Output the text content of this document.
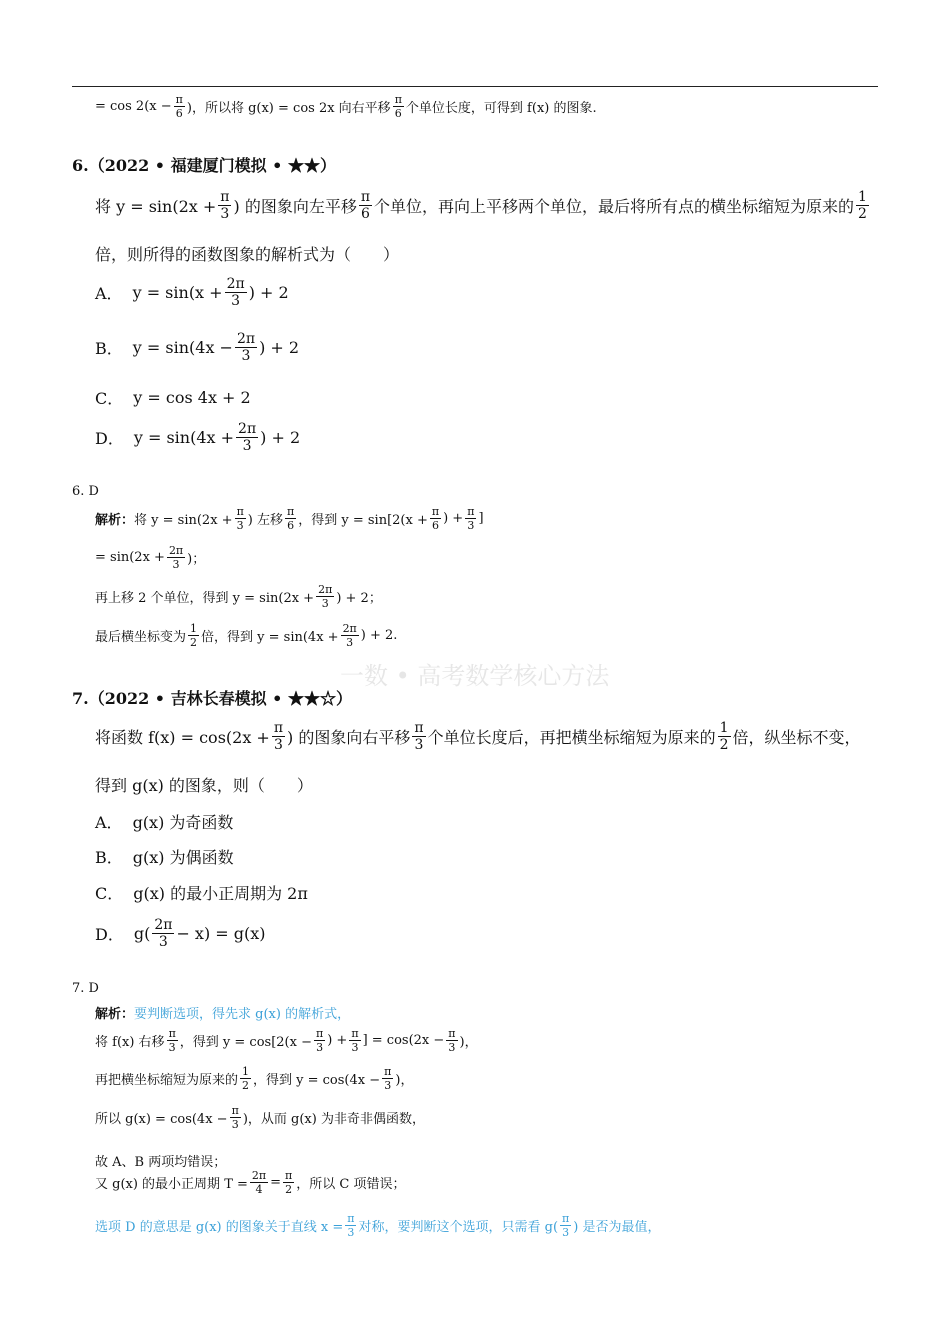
一数 • 高考数学核心方法
= $\cos 2(x - \frac{\pi}{6}$ )，所以将 g(x) = cos 2x 向右平移 $\frac{\pi}{6}$ 个单位长度，可得到 f(x) 的图象.
6.（2022 • 福建厦门模拟 • ★★）
将 $y = \sin(2x + \frac{\pi}{3}$ ) 的图象向左平移 $\frac{\pi}{6}$ 个单位，再向上平移两个单位，最后将所有点的横坐标缩短为原来的 $\frac{1}{2}$
倍，则所得的函数图象的解析式为（　　）
A． $y = \sin(x + \frac{2\pi}{3}$ ) + 2
B． $y = \sin(4x - \frac{2\pi}{3}$ ) + 2
C． y = cos 4x + 2
D． $y = \sin(4x + \frac{2\pi}{3}$ ) + 2
6. D
解析： 将 $y = \sin(2x + \frac{\pi}{3}$ ) 左移 $\frac{\pi}{6}$ ，得到 $y = \sin[2(x + \frac{\pi}{6}$ ) + $\frac{\pi}{3}$ ]
= $\sin(2x + \frac{2\pi}{3}$ )；
再上移 2 个单位，得到 $y = \sin(2x + \frac{2\pi}{3}$ ) + 2；
最后横坐标变为 $\frac{1}{2}$ 倍，得到 $y = \sin(4x + \frac{2\pi}{3}$ ) + 2.
7.（2022 • 吉林长春模拟 • ★★☆）
将函数 $f(x) = \cos(2x + \frac{\pi}{3}$ ) 的图象向右平移 $\frac{\pi}{3}$ 个单位长度后，再把横坐标缩短为原来的 $\frac{1}{2}$ 倍，纵坐标不变，
得到 g(x) 的图象，则（　　）
A． g(x) 为奇函数
B． g(x) 为偶函数
C． g(x) 的最小正周期为 2π
D． $g( \frac{2\pi}{3} - x) = g(x)$
7. D
解析： 要判断选项，得先求 g(x) 的解析式，
将 f(x) 右移 $\frac{\pi}{3}$ ，得到 $y = \cos[2(x - \frac{\pi}{3}$ ) + $\frac{\pi}{3}$ ] = $\cos(2x - \frac{\pi}{3}$ )，
再把横坐标缩短为原来的 $\frac{1}{2}$ ，得到 $y = \cos(4x - \frac{\pi}{3}$ )，
所以 $g(x) = \cos(4x - \frac{\pi}{3}$ )，从而 g(x) 为非奇非偶函数，
故 A、B 两项均错误；
又 g(x) 的最小正周期 $T = \frac{2\pi}{4} = \frac{\pi}{2}$ ，所以 C 项错误；
选项 D 的意思是 g(x) 的图象关于直线 $x = \frac{\pi}{3}$ 对称，要判断这个选项，只需看 $g( \frac{\pi}{3}$ ) 是否为最值，
